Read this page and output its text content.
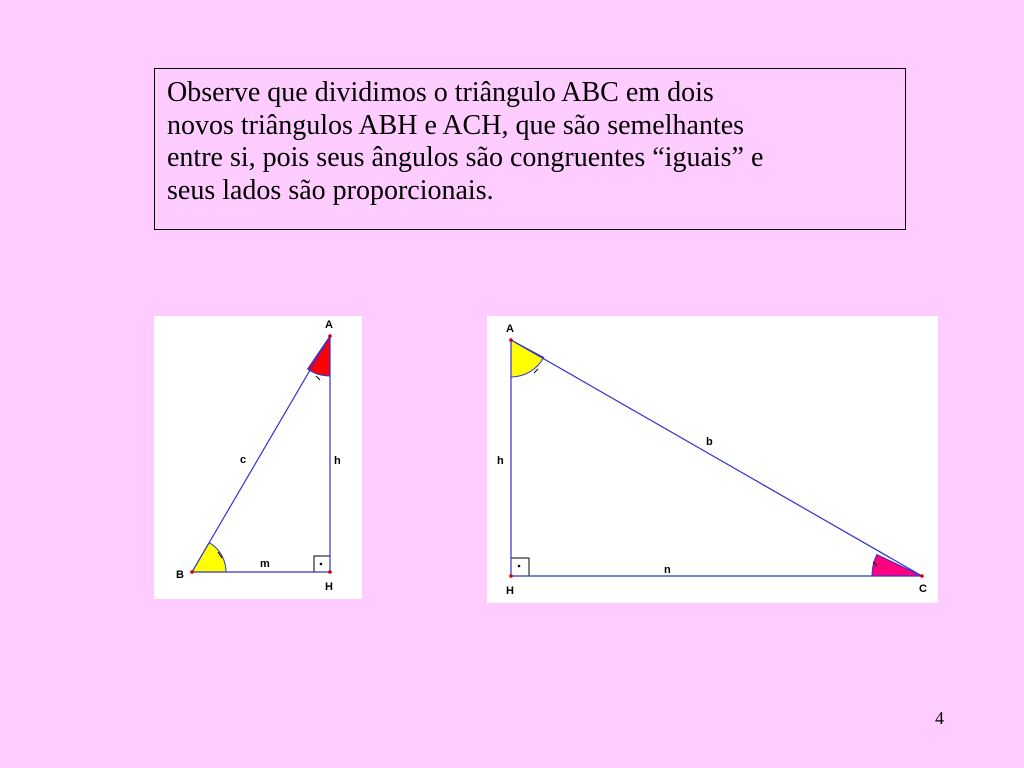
Observe que dividimos o triângulo ABC em dois
novos triângulos ABH e ACH, que são semelhantes
entre si, pois seus ângulos são congruentes “iguais” e
seus lados são proporcionais.
A
B
H
c	h
m
A
H	C
b
h
n
4
